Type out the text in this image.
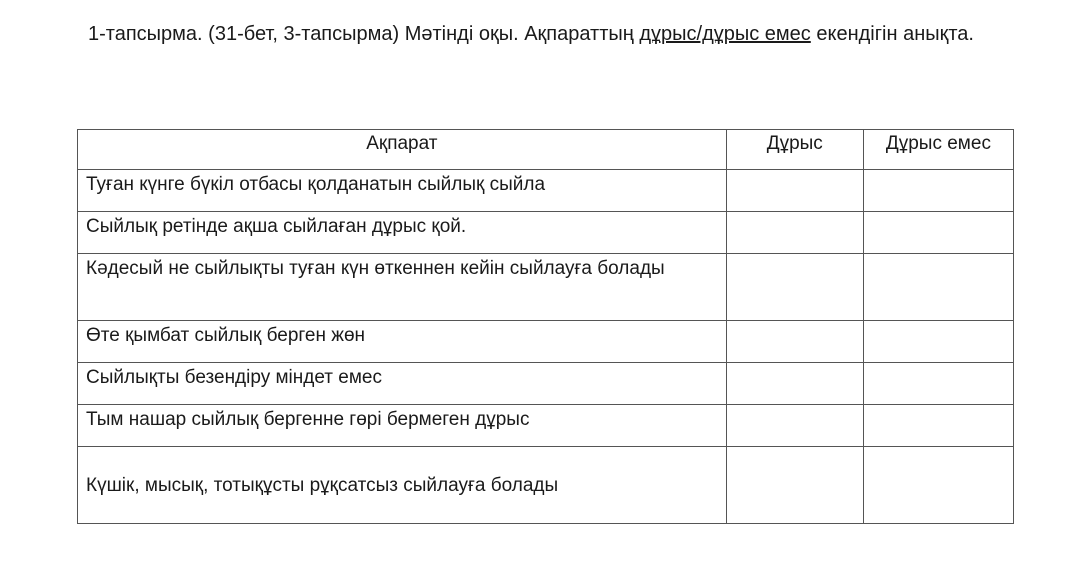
1-тапсырма. (31-бет, 3-тапсырма) Мәтінді оқы. Ақпараттың дұрыс/дұрыс емес екендігін анықта.
Ақпарат	Дұрыс	Дұрыс емес
Туған күнге бүкіл отбасы қолданатын сыйлық сыйла		
Сыйлық ретінде ақша сыйлаған дұрыс қой.		
Кәдесый не сыйлықты туған күн өткеннен кейін сыйлауға болады		
Өте қымбат сыйлық берген жөн		
Сыйлықты безендіру міндет емес		
Тым нашар сыйлық бергенне гөрі бермеген дұрыс		
Күшік, мысық, тотықұсты рұқсатсыз сыйлауға болады		
